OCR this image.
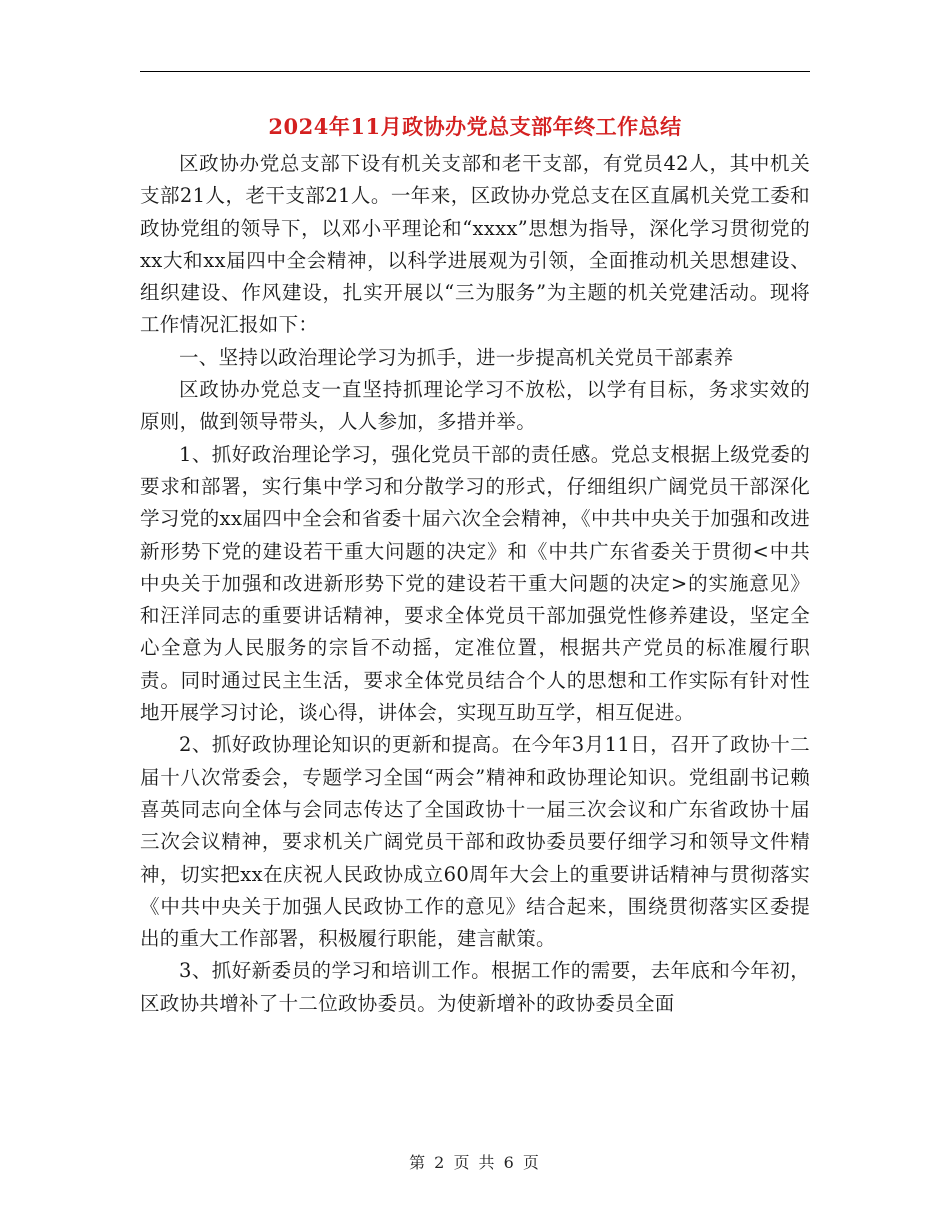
2024年11月政协办党总支部年终工作总结

区政协办党总支部下设有机关支部和老干支部，有党员42人，其中机关支部21人，老干支部21人。一年来，区政协办党总支在区直属机关党工委和政协党组的领导下，以邓小平理论和“xxxx”思想为指导，深化学习贯彻党的xx大和xx届四中全会精神，以科学进展观为引领，全面推动机关思想建设、组织建设、作风建设，扎实开展以“三为服务”为主题的机关党建活动。现将工作情况汇报如下：

一、坚持以政治理论学习为抓手，进一步提高机关党员干部素养

区政协办党总支一直坚持抓理论学习不放松，以学有目标，务求实效的原则，做到领导带头，人人参加，多措并举。

1、抓好政治理论学习，强化党员干部的责任感。党总支根据上级党委的要求和部署，实行集中学习和分散学习的形式，仔细组织广阔党员干部深化学习党的xx届四中全会和省委十届六次全会精神，《中共中央关于加强和改进新形势下党的建设若干重大问题的决定》和《中共广东省委关于贯彻<中共中央关于加强和改进新形势下党的建设若干重大问题的决定>的实施意见》和汪洋同志的重要讲话精神，要求全体党员干部加强党性修养建设，坚定全心全意为人民服务的宗旨不动摇，定准位置，根据共产党员的标准履行职责。同时通过民主生活，要求全体党员结合个人的思想和工作实际有针对性地开展学习讨论，谈心得，讲体会，实现互助互学，相互促进。

2、抓好政协理论知识的更新和提高。在今年3月11日，召开了政协十二届十八次常委会，专题学习全国“两会”精神和政协理论知识。党组副书记赖喜英同志向全体与会同志传达了全国政协十一届三次会议和广东省政协十届三次会议精神，要求机关广阔党员干部和政协委员要仔细学习和领导文件精神，切实把xx在庆祝人民政协成立60周年大会上的重要讲话精神与贯彻落实《中共中央关于加强人民政协工作的意见》结合起来，围绕贯彻落实区委提出的重大工作部署，积极履行职能，建言献策。

3、抓好新委员的学习和培训工作。根据工作的需要，去年底和今年初，区政协共增补了十二位政协委员。为使新增补的政协委员全面

第 2 页 共 6 页
